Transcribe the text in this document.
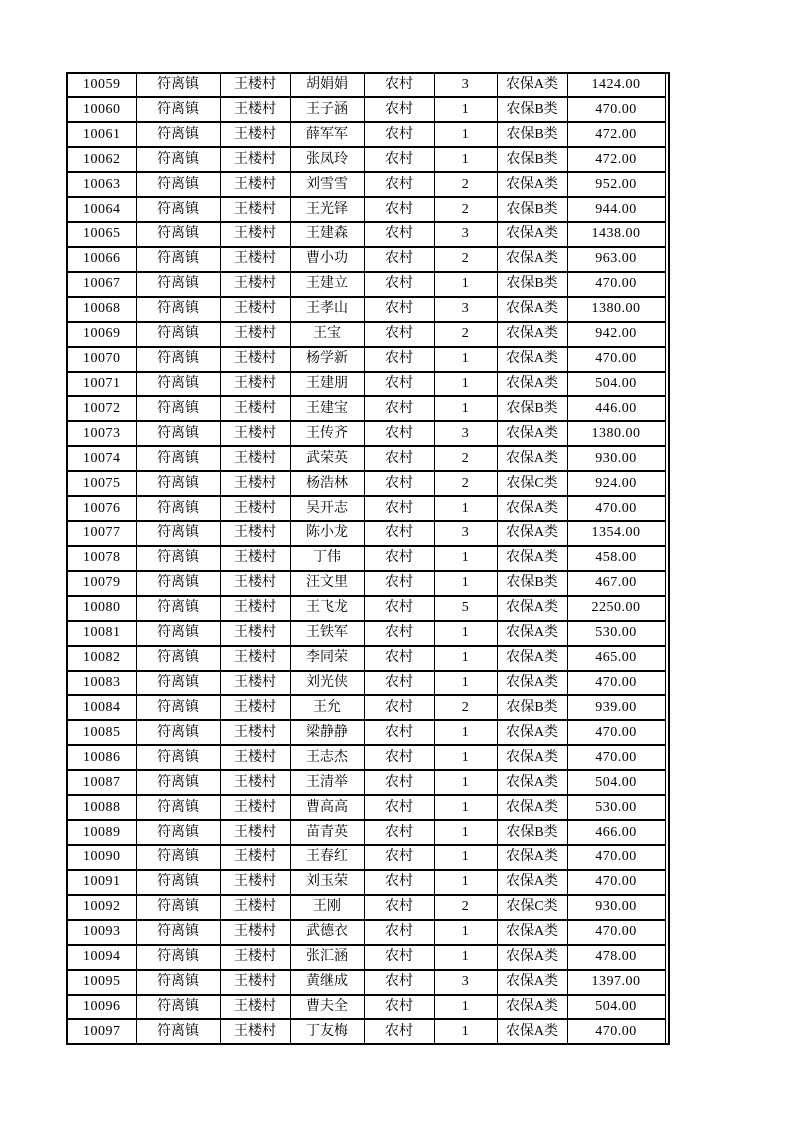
10059	符离镇	王楼村	胡娟娟	农村	3	农保A类	1424.00
10060	符离镇	王楼村	王子涵	农村	1	农保B类	470.00
10061	符离镇	王楼村	薛军军	农村	1	农保B类	472.00
10062	符离镇	王楼村	张凤玲	农村	1	农保B类	472.00
10063	符离镇	王楼村	刘雪雪	农村	2	农保A类	952.00
10064	符离镇	王楼村	王光铎	农村	2	农保B类	944.00
10065	符离镇	王楼村	王建森	农村	3	农保A类	1438.00
10066	符离镇	王楼村	曹小功	农村	2	农保A类	963.00
10067	符离镇	王楼村	王建立	农村	1	农保B类	470.00
10068	符离镇	王楼村	王孝山	农村	3	农保A类	1380.00
10069	符离镇	王楼村	王宝	农村	2	农保A类	942.00
10070	符离镇	王楼村	杨学新	农村	1	农保A类	470.00
10071	符离镇	王楼村	王建朋	农村	1	农保A类	504.00
10072	符离镇	王楼村	王建宝	农村	1	农保B类	446.00
10073	符离镇	王楼村	王传齐	农村	3	农保A类	1380.00
10074	符离镇	王楼村	武荣英	农村	2	农保A类	930.00
10075	符离镇	王楼村	杨浩林	农村	2	农保C类	924.00
10076	符离镇	王楼村	吴开志	农村	1	农保A类	470.00
10077	符离镇	王楼村	陈小龙	农村	3	农保A类	1354.00
10078	符离镇	王楼村	丁伟	农村	1	农保A类	458.00
10079	符离镇	王楼村	汪文里	农村	1	农保B类	467.00
10080	符离镇	王楼村	王飞龙	农村	5	农保A类	2250.00
10081	符离镇	王楼村	王铁军	农村	1	农保A类	530.00
10082	符离镇	王楼村	李同荣	农村	1	农保A类	465.00
10083	符离镇	王楼村	刘光侠	农村	1	农保A类	470.00
10084	符离镇	王楼村	王允	农村	2	农保B类	939.00
10085	符离镇	王楼村	梁静静	农村	1	农保A类	470.00
10086	符离镇	王楼村	王志杰	农村	1	农保A类	470.00
10087	符离镇	王楼村	王清举	农村	1	农保A类	504.00
10088	符离镇	王楼村	曹高高	农村	1	农保A类	530.00
10089	符离镇	王楼村	苗青英	农村	1	农保B类	466.00
10090	符离镇	王楼村	王春红	农村	1	农保A类	470.00
10091	符离镇	王楼村	刘玉荣	农村	1	农保A类	470.00
10092	符离镇	王楼村	王刚	农村	2	农保C类	930.00
10093	符离镇	王楼村	武德衣	农村	1	农保A类	470.00
10094	符离镇	王楼村	张汇涵	农村	1	农保A类	478.00
10095	符离镇	王楼村	黄继成	农村	3	农保A类	1397.00
10096	符离镇	王楼村	曹夫全	农村	1	农保A类	504.00
10097	符离镇	王楼村	丁友梅	农村	1	农保A类	470.00
